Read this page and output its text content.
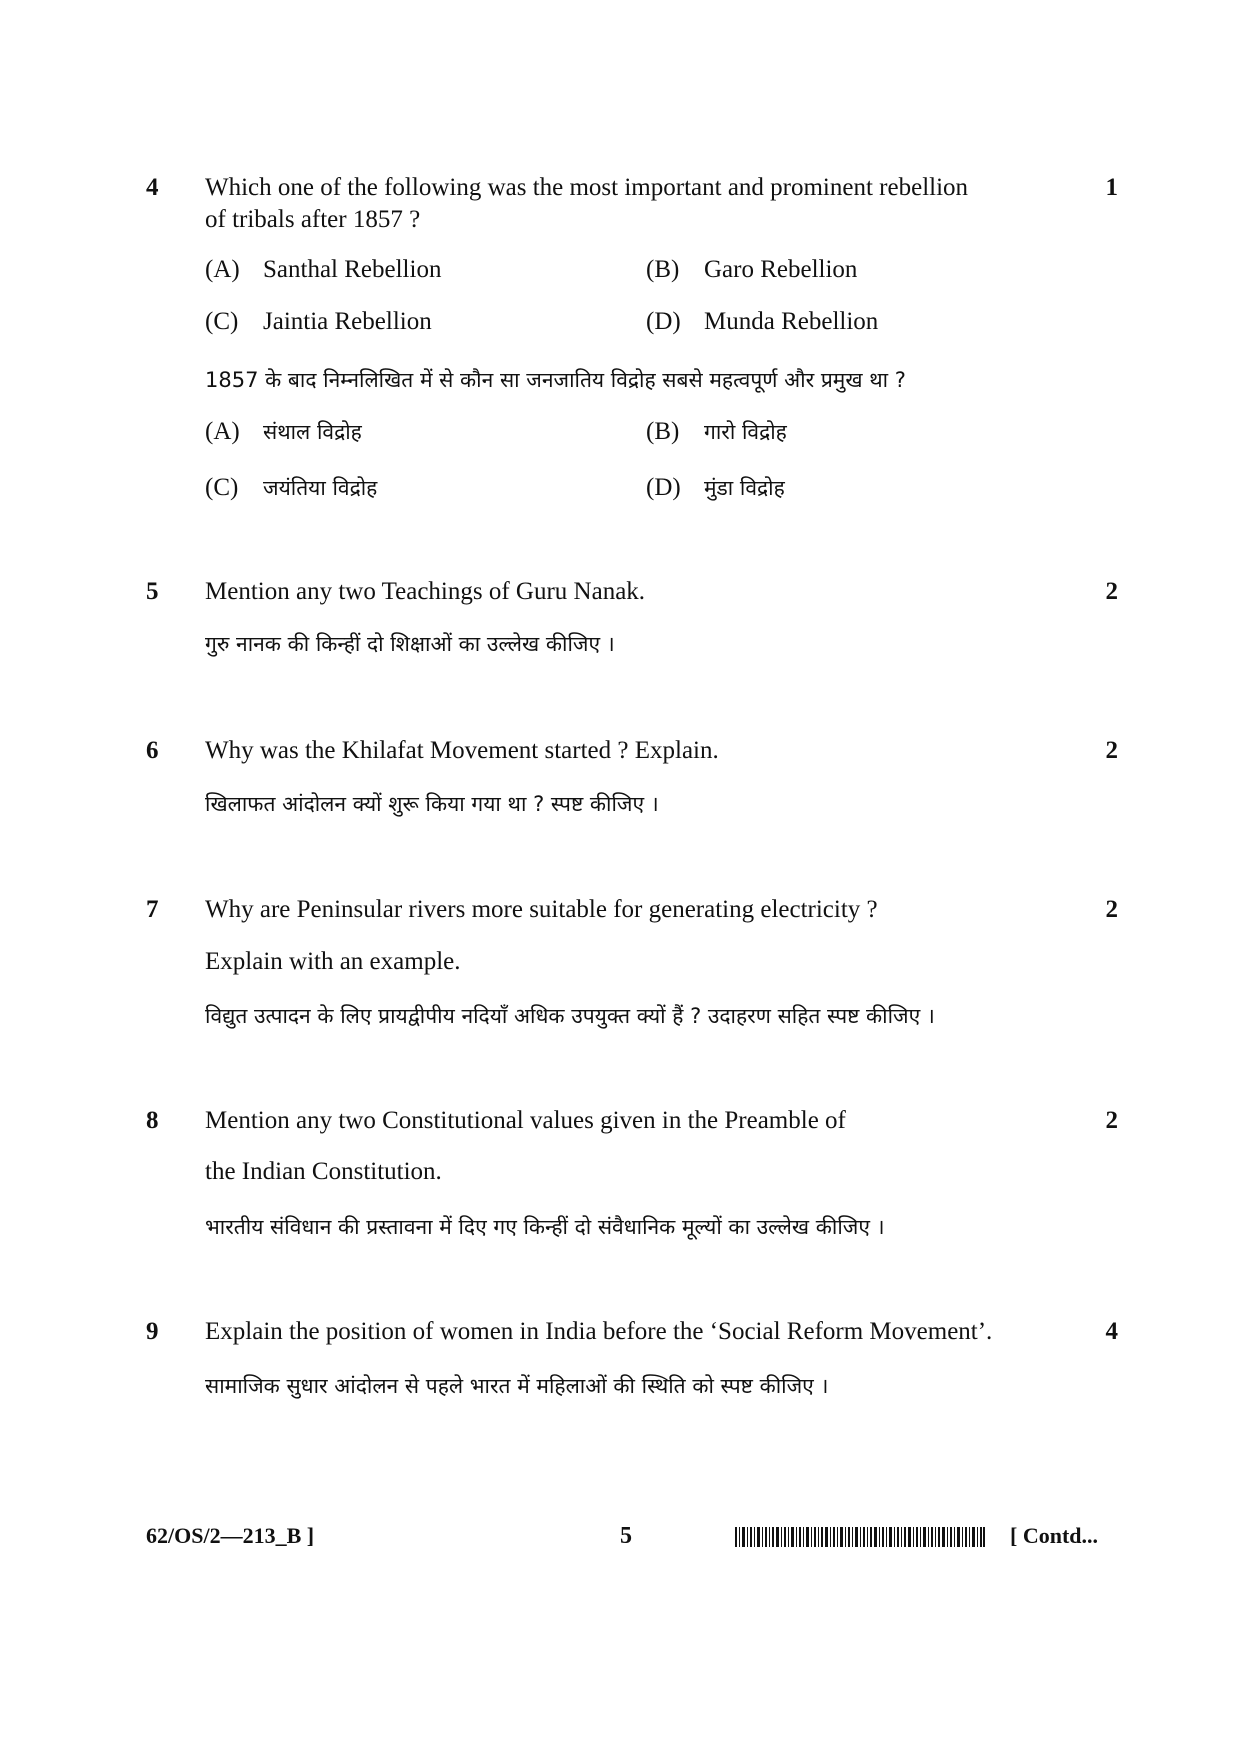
4	1
Which one of the following was the most important and prominent rebellion
of tribals after 1857 ?
(A) Santhal Rebellion	(B) Garo Rebellion
(C) Jaintia Rebellion	(D) Munda Rebellion
1857 के बाद निम्नलिखित में से कौन सा जनजातिय विद्रोह सबसे महत्वपूर्ण और प्रमुख था ?
(A) संथाल विद्रोह	(B) गारो विद्रोह
(C) जयंतिया विद्रोह	(D) मुंडा विद्रोह
5	2
Mention any two Teachings of Guru Nanak.
गुरु नानक की किन्हीं दो शिक्षाओं का उल्लेख कीजिए ।
6	2
Why was the Khilafat Movement started ? Explain.
खिलाफत आंदोलन क्यों शुरू किया गया था ? स्पष्ट कीजिए ।
7	2
Why are Peninsular rivers more suitable for generating electricity ?
Explain with an example.
विद्युत उत्पादन के लिए प्रायद्वीपीय नदियाँ अधिक उपयुक्त क्यों हैं ? उदाहरण सहित स्पष्ट कीजिए ।
8	2
Mention any two Constitutional values given in the Preamble of
the Indian Constitution.
भारतीय संविधान की प्रस्तावना में दिए गए किन्हीं दो संवैधानिक मूल्यों का उल्लेख कीजिए ।
9	4
Explain the position of women in India before the ‘Social Reform Movement’.
सामाजिक सुधार आंदोलन से पहले भारत में महिलाओं की स्थिति को स्पष्ट कीजिए ।
62/OS/2—213_B ]	5	[ Contd...
